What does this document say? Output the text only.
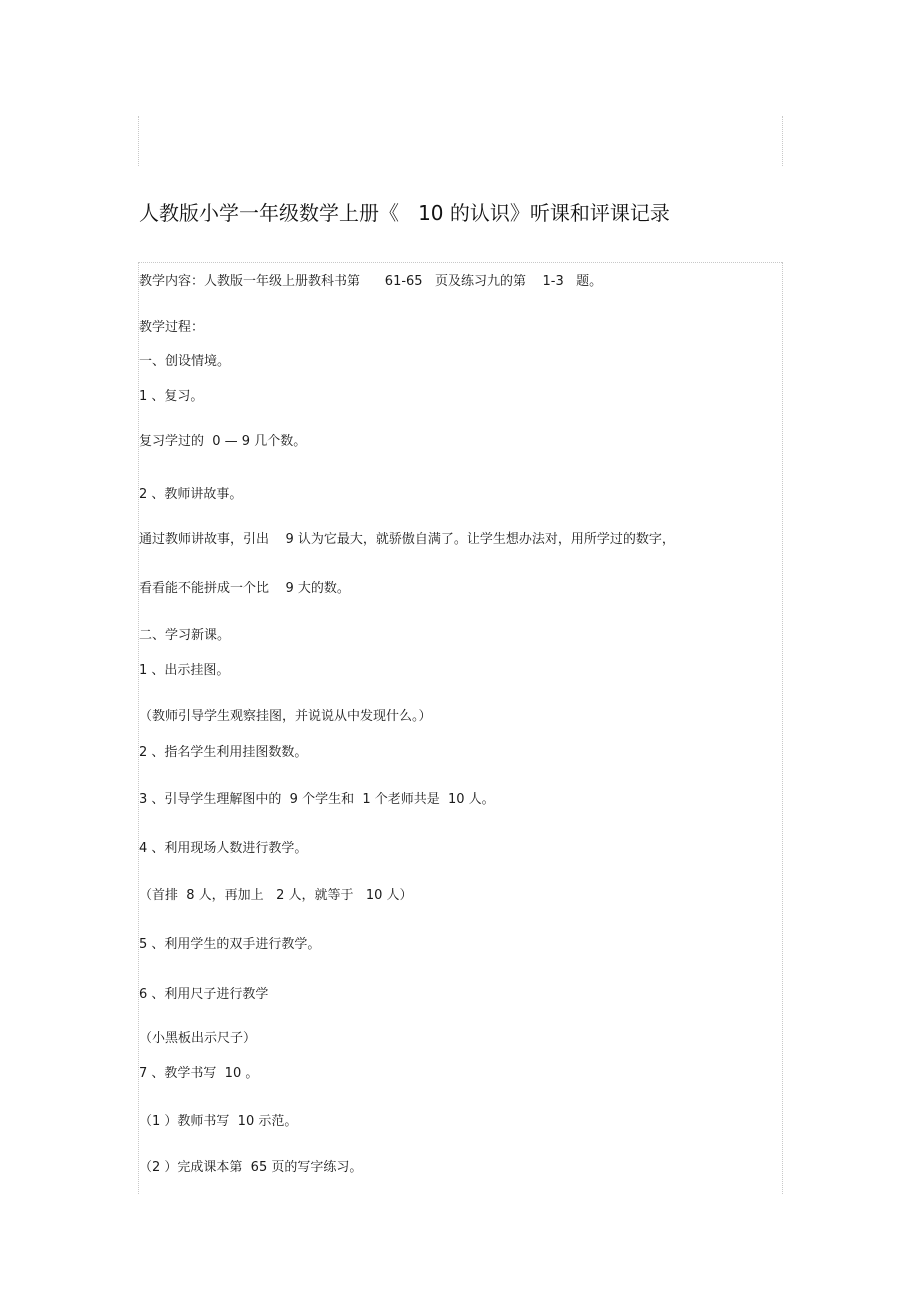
人教版小学一年级数学上册《   10 的认识》听课和评课记录
教学内容：人教版一年级上册教科书第      61-65   页及练习九的第    1-3   题。
教学过程：
一、创设情境。
1 、复习。
复习学过的  0 — 9 几个数。
2 、教师讲故事。
通过教师讲故事，引出    9 认为它最大，就骄傲自满了。让学生想办法对，用所学过的数字，
看看能不能拼成一个比    9 大的数。
二、学习新课。
1 、出示挂图。
（教师引导学生观察挂图，并说说从中发现什么。）
2 、指名学生利用挂图数数。
3 、引导学生理解图中的  9 个学生和  1 个老师共是  10 人。
4 、利用现场人数进行教学。
（首排  8 人，再加上   2 人，就等于   10 人）
5 、利用学生的双手进行教学。
6 、利用尺子进行教学
（小黑板出示尺子）
7 、教学书写  10 。
（1 ）教师书写  10 示范。
（2 ）完成课本第  65 页的写字练习。
